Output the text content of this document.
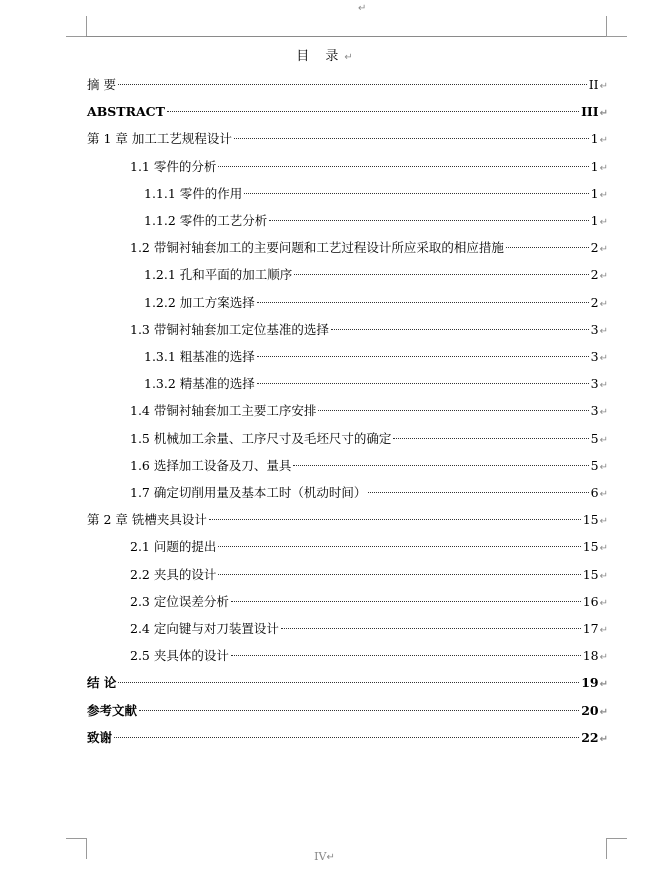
↵
目 录↵
摘 要	II ↵
ABSTRACT	III ↵
第 1 章 加工工艺规程设计	1 ↵
1.1 零件的分析	1 ↵
1.1.1 零件的作用	1 ↵
1.1.2 零件的工艺分析	1 ↵
1.2 带铜衬轴套加工的主要问题和工艺过程设计所应采取的相应措施	2 ↵
1.2.1 孔和平面的加工顺序	2 ↵
1.2.2 加工方案选择	2 ↵
1.3 带铜衬轴套加工定位基准的选择	3 ↵
1.3.1 粗基准的选择	3 ↵
1.3.2 精基准的选择	3 ↵
1.4 带铜衬轴套加工主要工序安排	3 ↵
1.5 机械加工余量、工序尺寸及毛坯尺寸的确定	5 ↵
1.6 选择加工设备及刀、量具	5 ↵
1.7 确定切削用量及基本工时（机动时间）	6 ↵
第 2 章 铣槽夹具设计	15 ↵
2.1 问题的提出	15 ↵
2.2 夹具的设计	15 ↵
2.3 定位误差分析	16 ↵
2.4 定向键与对刀装置设计	17 ↵
2.5 夹具体的设计	18 ↵
结 论	19 ↵
参考文献	20 ↵
致谢	22 ↵
IV↵
